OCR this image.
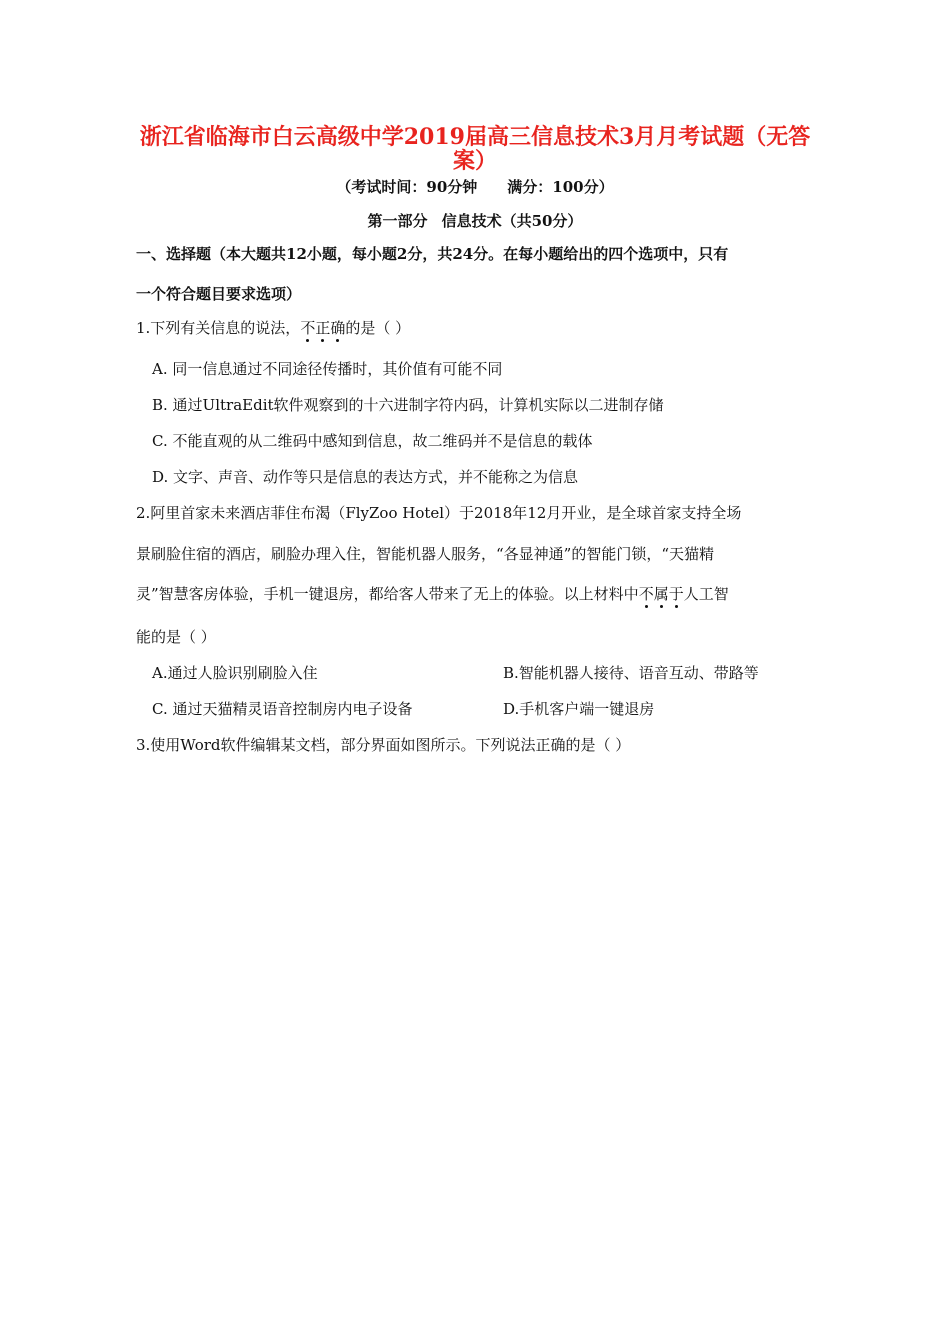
浙江省临海市白云高级中学2019届高三信息技术3月月考试题（无答
案）
（考试时间：90分钟 满分：100分）
第一部分 信息技术（共50分）
一、选择题（本大题共12小题，每小题2分，共24分。在每小题给出的四个选项中，只有
一个符合题目要求选项）
1.下列有关信息的说法，不正确的是（ ）
A. 同一信息通过不同途径传播时，其价值有可能不同
B. 通过UltraEdit软件观察到的十六进制字符内码，计算机实际以二进制存储
C. 不能直观的从二维码中感知到信息，故二维码并不是信息的载体
D. 文字、声音、动作等只是信息的表达方式，并不能称之为信息
2.阿里首家未来酒店菲住布渴（FlyZoo Hotel）于2018年12月开业，是全球首家支持全场
景刷脸住宿的酒店，刷脸办理入住，智能机器人服务，“各显神通”的智能门锁，“天猫精
灵”智慧客房体验，手机一键退房，都给客人带来了无上的体验。以上材料中不属于人工智
能的是（ ）
A.通过人脸识别刷脸入住	B.智能机器人接待、语音互动、带路等
C. 通过天猫精灵语音控制房内电子设备	D.手机客户端一键退房
3.使用Word软件编辑某文档，部分界面如图所示。下列说法正确的是（ ）
